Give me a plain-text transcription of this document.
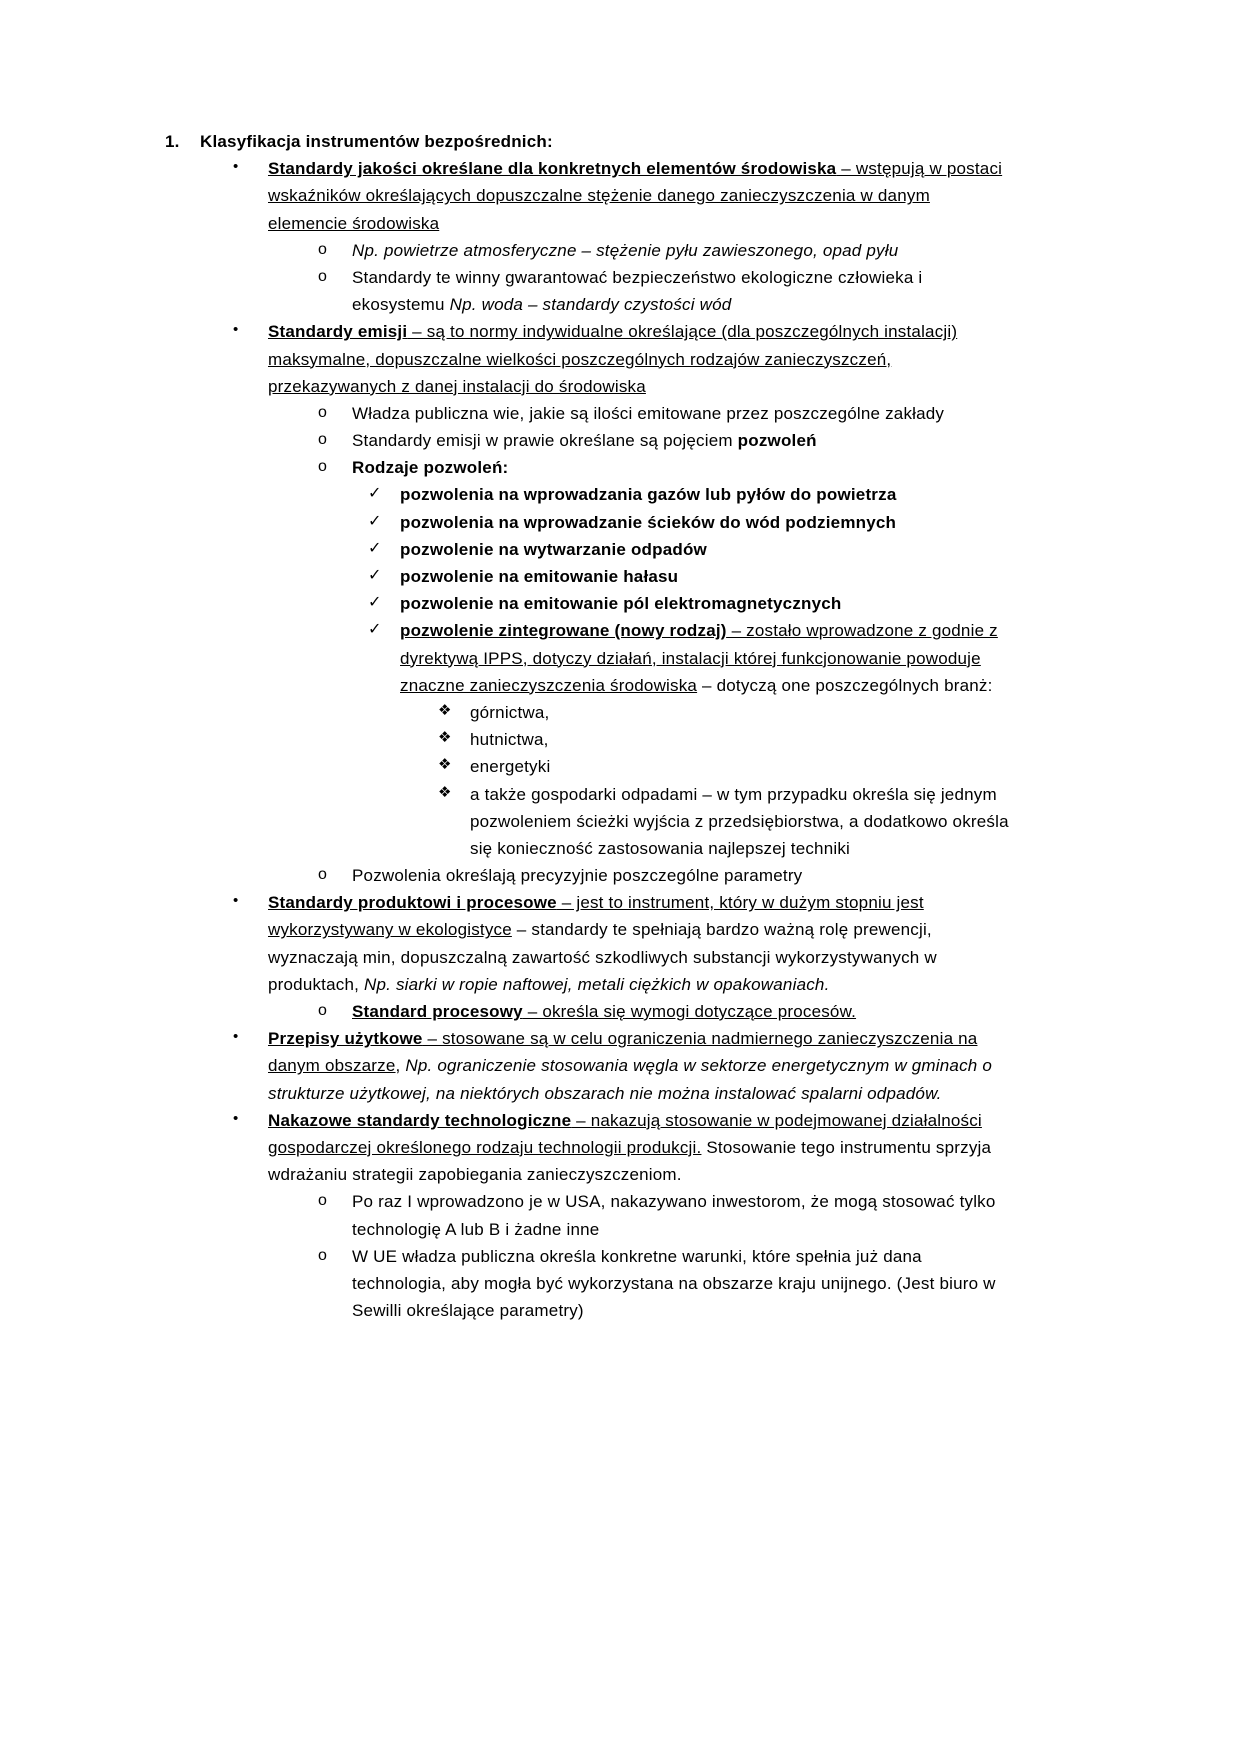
1.	Klasyfikacja instrumentów bezpośrednich:
•	Standardy jakości określane dla konkretnych elementów środowiska – wstępują w postaci wskaźników określających dopuszczalne stężenie danego zanieczyszczenia w danym elemencie środowiska
o	Np. powietrze atmosferyczne – stężenie pyłu zawieszonego, opad pyłu
o	Standardy te winny gwarantować bezpieczeństwo ekologiczne człowieka i ekosystemu Np. woda – standardy czystości wód
•	Standardy emisji – są to normy indywidualne określające (dla poszczególnych instalacji) maksymalne, dopuszczalne wielkości poszczególnych rodzajów zanieczyszczeń, przekazywanych z danej instalacji do środowiska
o	Władza publiczna wie, jakie są ilości emitowane przez poszczególne zakłady
o	Standardy emisji w prawie określane są pojęciem pozwoleń
o	Rodzaje pozwoleń:
✓	pozwolenia na wprowadzania gazów lub pyłów do powietrza
✓	pozwolenia na wprowadzanie ścieków do wód podziemnych
✓	pozwolenie na wytwarzanie odpadów
✓	pozwolenie na emitowanie hałasu
✓	pozwolenie na emitowanie pól elektromagnetycznych
✓	pozwolenie zintegrowane (nowy rodzaj) – zostało wprowadzone z godnie z dyrektywą IPPS, dotyczy działań, instalacji której funkcjonowanie powoduje znaczne zanieczyszczenia środowiska – dotyczą one poszczególnych branż:
❖	górnictwa,
❖	hutnictwa,
❖	energetyki
❖	a także gospodarki odpadami – w tym przypadku określa się jednym pozwoleniem ścieżki wyjścia z przedsiębiorstwa, a dodatkowo określa się konieczność zastosowania najlepszej techniki
o	Pozwolenia określają precyzyjnie poszczególne parametry
•	Standardy produktowi i procesowe – jest to instrument, który w dużym stopniu jest wykorzystywany w ekologistyce – standardy te spełniają bardzo ważną rolę prewencji, wyznaczają min, dopuszczalną zawartość szkodliwych substancji wykorzystywanych w produktach, Np. siarki w ropie naftowej, metali ciężkich w opakowaniach.
o	Standard procesowy – określa się wymogi dotyczące procesów.
•	Przepisy użytkowe – stosowane są w celu ograniczenia nadmiernego zanieczyszczenia na danym obszarze, Np. ograniczenie stosowania węgla w sektorze energetycznym w gminach o strukturze użytkowej, na niektórych obszarach nie można instalować spalarni odpadów.
•	Nakazowe standardy technologiczne – nakazują stosowanie w podejmowanej działalności gospodarczej określonego rodzaju technologii produkcji. Stosowanie tego instrumentu sprzyja wdrażaniu strategii zapobiegania zanieczyszczeniom.
o	Po raz I wprowadzono je w USA, nakazywano inwestorom, że mogą stosować tylko technologię A lub B i żadne inne
o	W UE władza publiczna określa konkretne warunki, które spełnia już dana technologia, aby mogła być wykorzystana na obszarze kraju unijnego. (Jest biuro w Sewilli określające parametry)
